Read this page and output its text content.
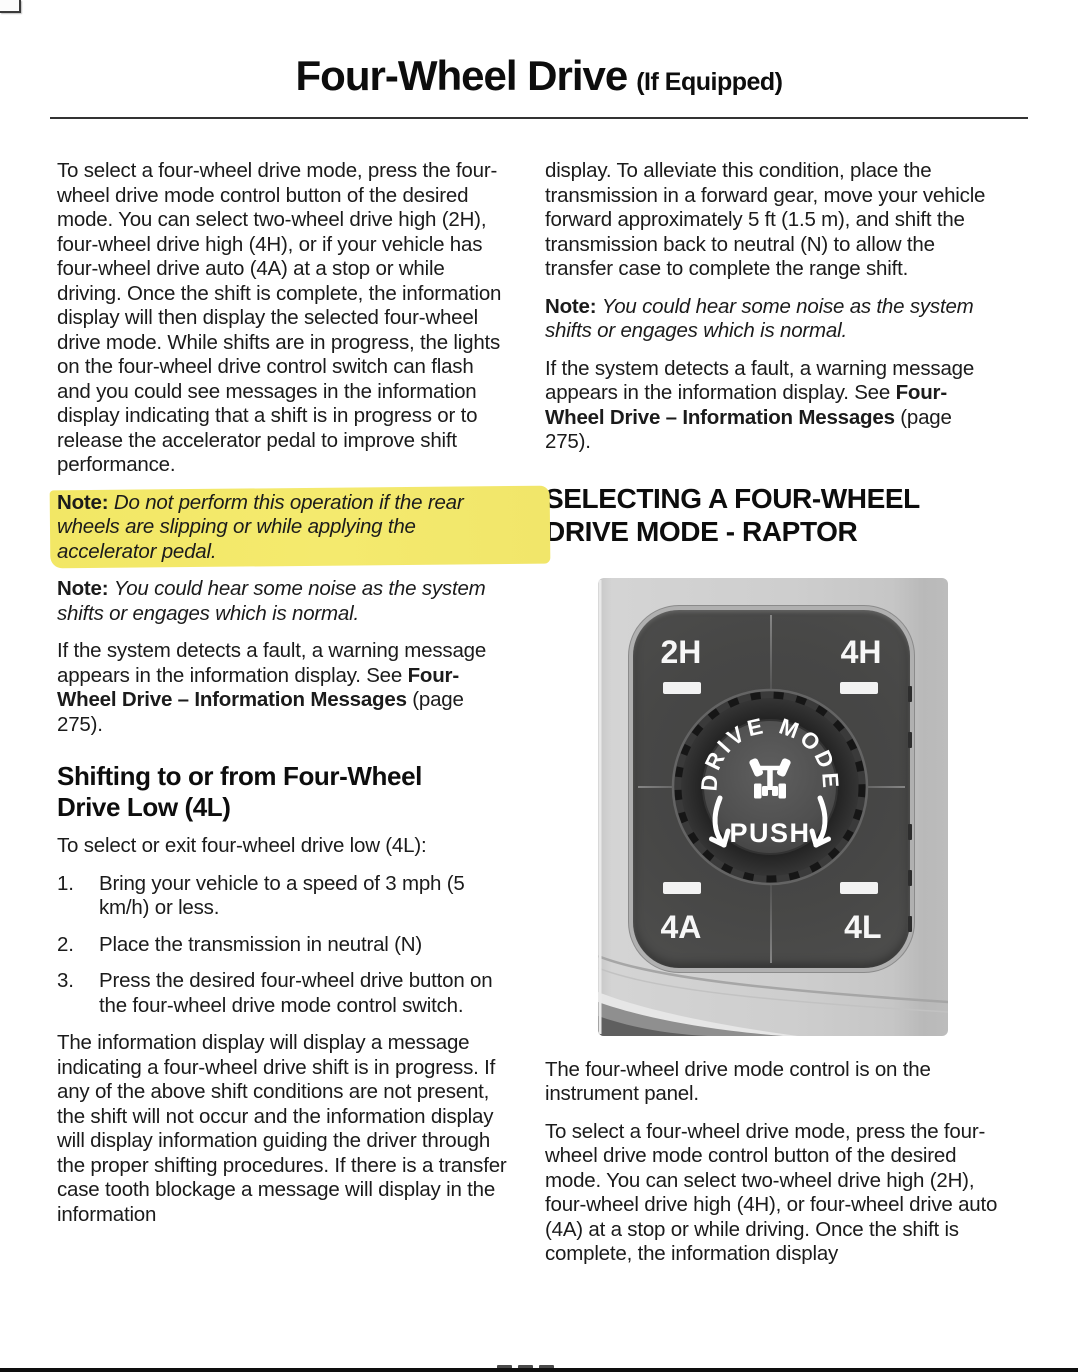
Four-Wheel Drive (If Equipped)

To select a four-wheel drive mode, press the four-wheel drive mode control button of the desired mode. You can select two-wheel drive high (2H), four-wheel drive high (4H), or if your vehicle has four-wheel drive auto (4A) at a stop or while driving. Once the shift is complete, the information display will then display the selected four-wheel drive mode. While shifts are in progress, the lights on the four-wheel drive control switch can flash and you could see messages in the information display indicating that a shift is in progress or to release the accelerator pedal to improve shift performance.

Note: Do not perform this operation if the rear wheels are slipping or while applying the accelerator pedal.

Note: You could hear some noise as the system shifts or engages which is normal.

If the system detects a fault, a warning message appears in the information display. See Four-Wheel Drive – Information Messages (page 275).

Shifting to or from Four-Wheel Drive Low (4L)

To select or exit four-wheel drive low (4L):

1.	Bring your vehicle to a speed of 3 mph (5 km/h) or less.
2.	Place the transmission in neutral (N)
3.	Press the desired four-wheel drive button on the four-wheel drive mode control switch.

The information display will display a message indicating a four-wheel drive shift is in progress. If any of the above shift conditions are not present, the shift will not occur and the information display will display information guiding the driver through the proper shifting procedures. If there is a transfer case tooth blockage a message will display in the information

display. To alleviate this condition, place the transmission in a forward gear, move your vehicle forward approximately 5 ft (1.5 m), and shift the transmission back to neutral (N) to allow the transfer case to complete the range shift.

Note: You could hear some noise as the system shifts or engages which is normal.

If the system detects a fault, a warning message appears in the information display. See Four-Wheel Drive – Information Messages (page 275).

SELECTING A FOUR-WHEEL DRIVE MODE - RAPTOR
2H	4H
4A	4L
DRIVE MODE
PUSH

The four-wheel drive mode control is on the instrument panel.

To select a four-wheel drive mode, press the four-wheel drive mode control button of the desired mode. You can select two-wheel drive high (2H), four-wheel drive high (4H), or four-wheel drive auto (4A) at a stop or while driving. Once the shift is complete, the information display
